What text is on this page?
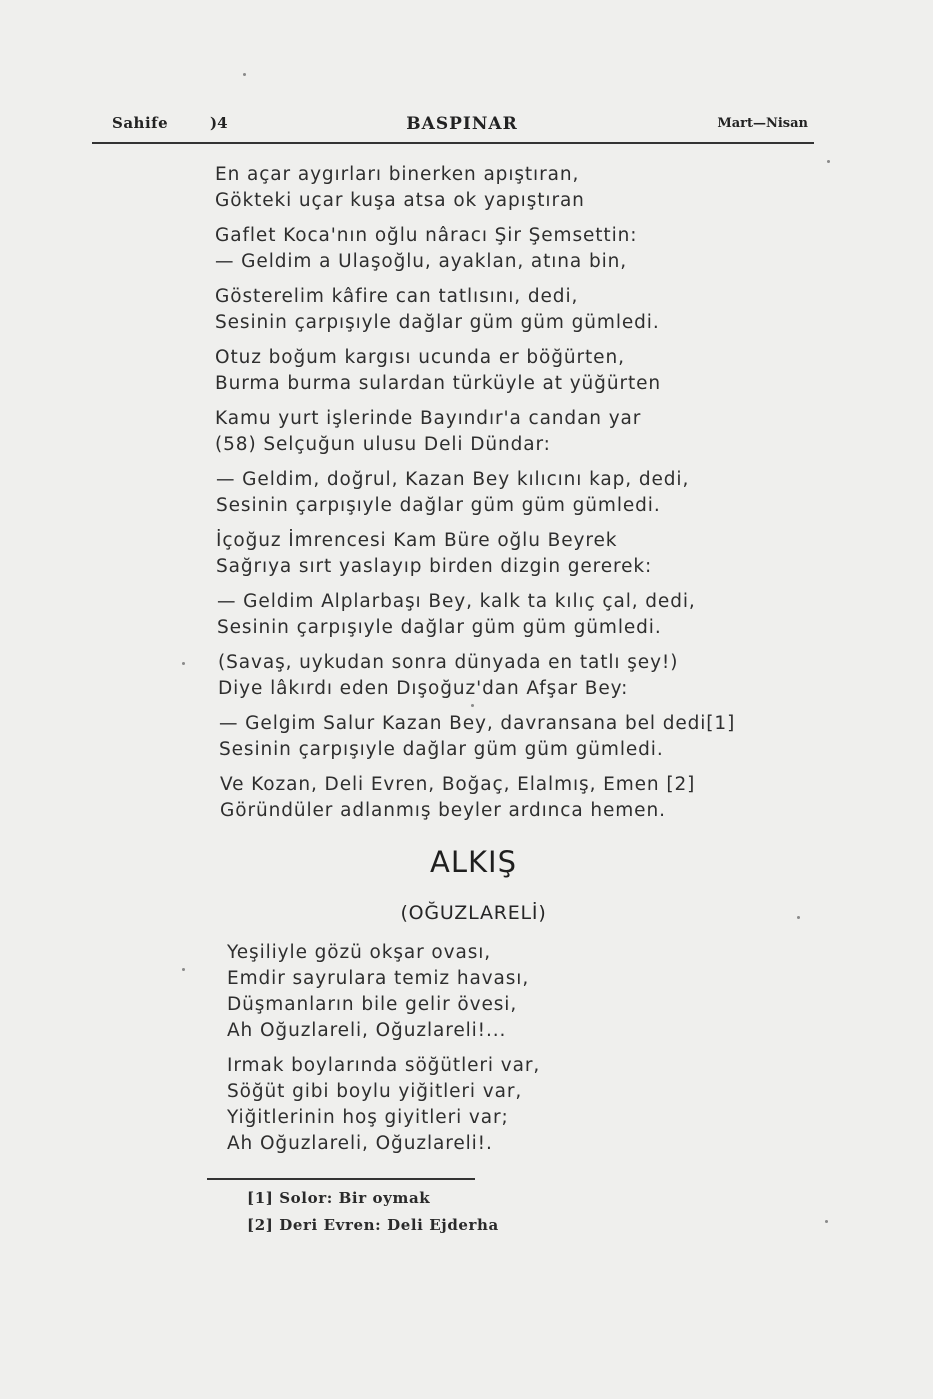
Sahife	)4	BASPINAR	Mart—Nisan
En açar aygırları binerken apıştıran,
Gökteki uçar kuşa atsa ok yapıştıran
Gaflet Koca'nın oğlu nâracı Şir Şemsettin:
— Geldim a Ulaşoğlu, ayaklan, atına bin,
Gösterelim kâfire can tatlısını, dedi,
Sesinin çarpışıyle dağlar güm güm gümledi.
Otuz boğum kargısı ucunda er böğürten,
Burma burma sulardan türküyle at yüğürten
Kamu yurt işlerinde Bayındır'a candan yar
(58) Selçuğun ulusu Deli Dündar:
— Geldim, doğrul, Kazan Bey kılıcını kap, dedi,
Sesinin çarpışıyle dağlar güm güm gümledi.
İçoğuz İmrencesi Kam Büre oğlu Beyrek
Sağrıya sırt yaslayıp birden dizgin gererek:
— Geldim Alplarbaşı Bey, kalk ta kılıç çal, dedi,
Sesinin çarpışıyle dağlar güm güm gümledi.
(Savaş, uykudan sonra dünyada en tatlı şey!)
Diye lâkırdı eden Dışoğuz'dan Afşar Bey:
— Gelgim Salur Kazan Bey, davransana bel dedi[1]
Sesinin çarpışıyle dağlar güm güm gümledi.
Ve Kozan, Deli Evren, Boğaç, Elalmış, Emen [2]
Göründüler adlanmış beyler ardınca hemen.
ALKIŞ
(OĞUZLARELİ)
Yeşiliyle gözü okşar ovası,
Emdir sayrulara temiz havası,
Düşmanların bile gelir övesi,
Ah Oğuzlareli, Oğuzlareli!...
Irmak boylarında söğütleri var,
Söğüt gibi boylu yiğitleri var,
Yiğitlerinin hoş giyitleri var;
Ah Oğuzlareli, Oğuzlareli!.
[1] Solor: Bir oymak
[2] Deri Evren: Deli Ejderha
